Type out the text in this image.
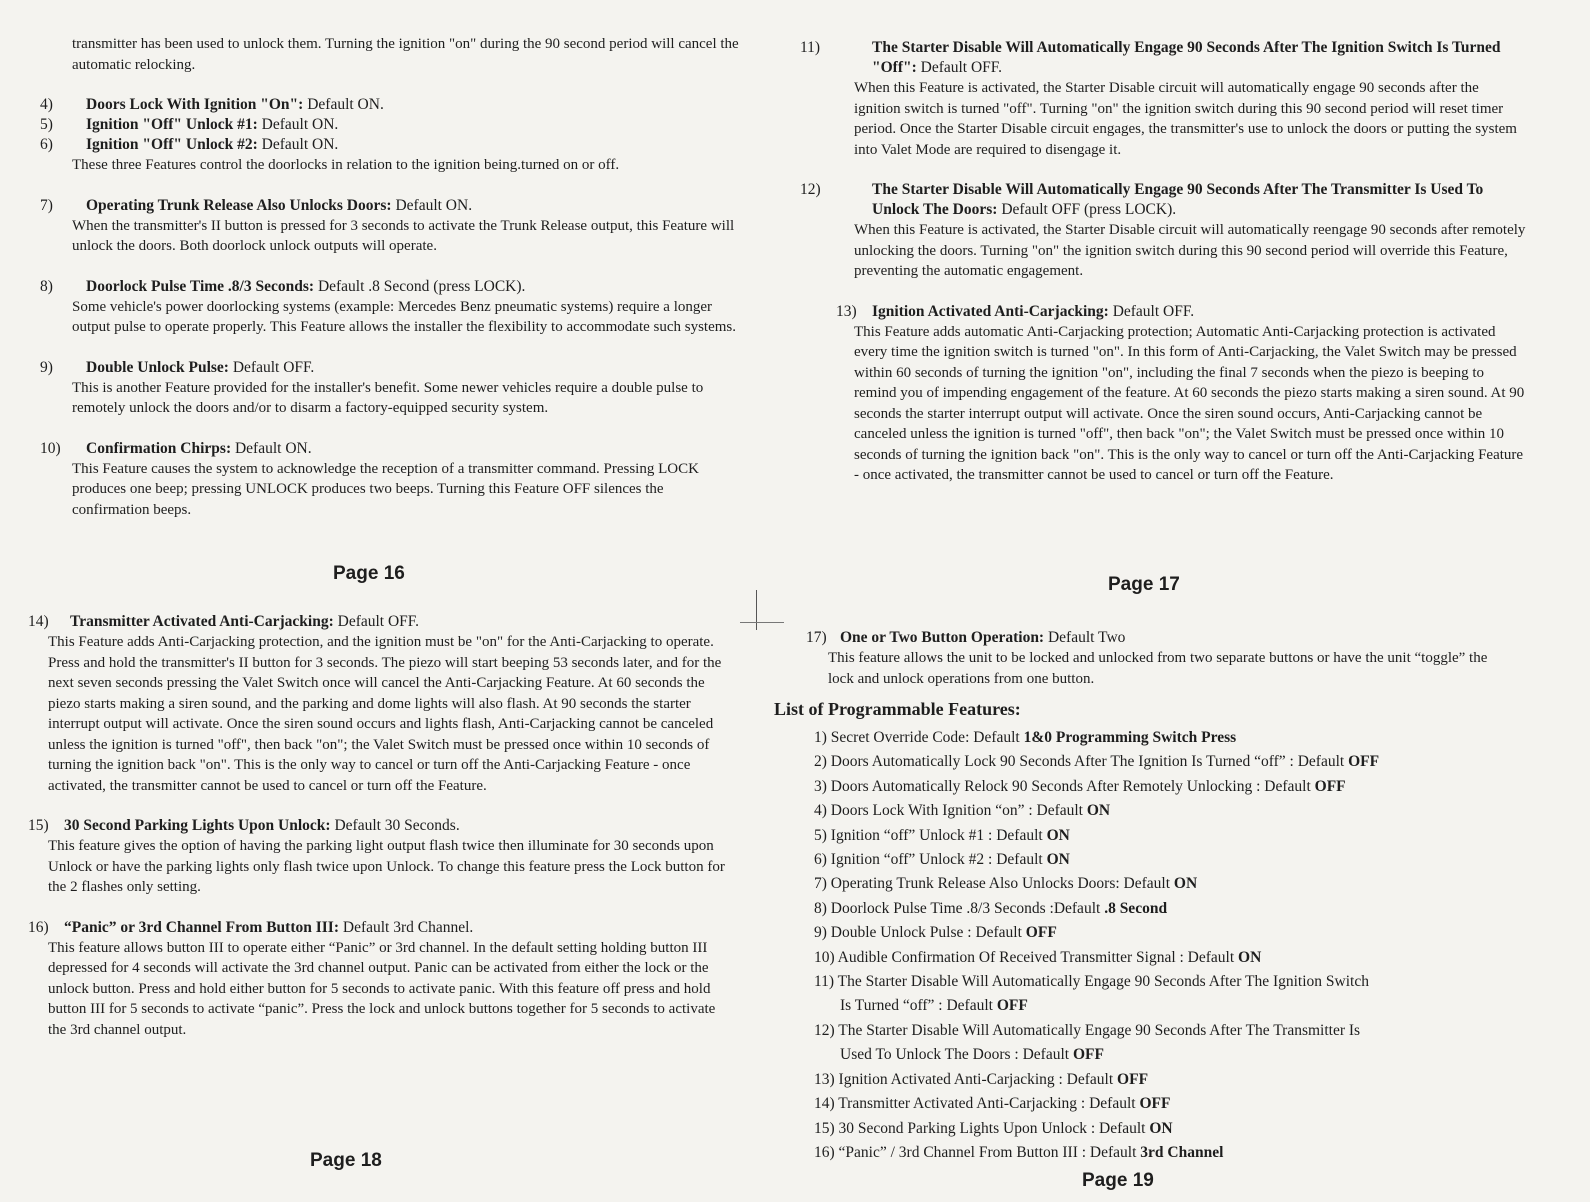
transmitter has been used to unlock them. Turning the ignition "on" during the 90 second period will cancel the automatic relocking.

4) Doors Lock With Ignition "On": Default ON.
5) Ignition "Off" Unlock #1: Default ON.
6) Ignition "Off" Unlock #2: Default ON.

These three Features control the doorlocks in relation to the ignition being.turned on or off.

7) Operating Trunk Release Also Unlocks Doors: Default ON.

When the transmitter's II button is pressed for 3 seconds to activate the Trunk Release output, this Feature will unlock the doors. Both doorlock unlock outputs will operate.

8) Doorlock Pulse Time .8/3 Seconds: Default .8 Second (press LOCK).

Some vehicle's power doorlocking systems (example: Mercedes Benz pneumatic systems) require a longer output pulse to operate properly. This Feature allows the installer the flexibility to accommodate such systems.

9) Double Unlock Pulse: Default OFF.

This is another Feature provided for the installer's benefit. Some newer vehicles require a double pulse to remotely unlock the doors and/or to disarm a factory-equipped security system.

10) Confirmation Chirps: Default ON.

This Feature causes the system to acknowledge the reception of a transmitter command. Pressing LOCK produces one beep; pressing UNLOCK produces two beeps. Turning this Feature OFF silences the confirmation beeps.

Page 16
11)	The Starter Disable Will Automatically Engage 90 Seconds After The Ignition Switch Is Turned "Off": Default OFF.

When this Feature is activated, the Starter Disable circuit will automatically engage 90 seconds after the ignition switch is turned "off". Turning "on" the ignition switch during this 90 second period will reset timer period. Once the Starter Disable circuit engages, the transmitter's use to unlock the doors or putting the system into Valet Mode are required to disengage it.

12)	The Starter Disable Will Automatically Engage 90 Seconds After The Transmitter Is Used To Unlock The Doors: Default OFF (press LOCK).

When this Feature is activated, the Starter Disable circuit will automatically reengage 90 seconds after remotely unlocking the doors. Turning "on" the ignition switch during this 90 second period will override this Feature, preventing the automatic engagement.

13) Ignition Activated Anti-Carjacking: Default OFF.

This Feature adds automatic Anti-Carjacking protection; Automatic Anti-Carjacking protection is activated every time the ignition switch is turned "on". In this form of Anti-Carjacking, the Valet Switch may be pressed within 60 seconds of turning the ignition "on", including the final 7 seconds when the piezo is beeping to remind you of impending engagement of the feature. At 60 seconds the piezo starts making a siren sound. At 90 seconds the starter interrupt output will activate. Once the siren sound occurs, Anti-Carjacking cannot be canceled unless the ignition is turned "off", then back "on"; the Valet Switch must be pressed once within 10 seconds of turning the ignition back "on". This is the only way to cancel or turn off the Anti-Carjacking Feature - once activated, the transmitter cannot be used to cancel or turn off the Feature.

Page 17
14) Transmitter Activated Anti-Carjacking: Default OFF.

This Feature adds Anti-Carjacking protection, and the ignition must be "on" for the Anti-Carjacking to operate. Press and hold the transmitter's II button for 3 seconds. The piezo will start beeping 53 seconds later, and for the next seven seconds pressing the Valet Switch once will cancel the Anti-Carjacking Feature. At 60 seconds the piezo starts making a siren sound, and the parking and dome lights will also flash. At 90 seconds the starter interrupt output will activate. Once the siren sound occurs and lights flash, Anti-Carjacking cannot be canceled unless the ignition is turned "off", then back "on"; the Valet Switch must be pressed once within 10 seconds of turning the ignition back "on". This is the only way to cancel or turn off the Anti-Carjacking Feature - once activated, the transmitter cannot be used to cancel or turn off the Feature.

15) 30 Second Parking Lights Upon Unlock: Default 30 Seconds.

This feature gives the option of having the parking light output flash twice then illuminate for 30 seconds upon Unlock or have the parking lights only flash twice upon Unlock. To change this feature press the Lock button for the 2 flashes only setting.

16) “Panic” or 3rd Channel From Button III: Default 3rd Channel.

This feature allows button III to operate either “Panic” or 3rd channel. In the default setting holding button III depressed for 4 seconds will activate the 3rd channel output. Panic can be activated from either the lock or the unlock button. Press and hold either button for 5 seconds to activate panic. With this feature off press and hold button III for 5 seconds to activate “panic”. Press the lock and unlock buttons together for 5 seconds to activate the 3rd channel output.

Page 18
17) One or Two Button Operation: Default Two

This feature allows the unit to be locked and unlocked from two separate buttons or have the unit “toggle” the lock and unlock operations from one button.

List of Programmable Features:
1) Secret Override Code: Default 1&0 Programming Switch Press
2) Doors Automatically Lock 90 Seconds After The Ignition Is Turned “off” : Default OFF
3) Doors Automatically Relock 90 Seconds After Remotely Unlocking : Default OFF
4) Doors Lock With Ignition “on” : Default ON
5) Ignition “off” Unlock #1 : Default ON
6) Ignition “off” Unlock #2 : Default ON
7) Operating Trunk Release Also Unlocks Doors: Default ON
8) Doorlock Pulse Time .8/3 Seconds :Default .8 Second
9) Double Unlock Pulse : Default OFF
10) Audible Confirmation Of Received Transmitter Signal : Default ON
11) The Starter Disable Will Automatically Engage 90 Seconds After The Ignition Switch
Is Turned “off” : Default OFF
12) The Starter Disable Will Automatically Engage 90 Seconds After The Transmitter Is
Used To Unlock The Doors : Default OFF
13) Ignition Activated Anti-Carjacking : Default OFF
14) Transmitter Activated Anti-Carjacking : Default OFF
15) 30 Second Parking Lights Upon Unlock : Default ON
16) “Panic” / 3rd Channel From Button III : Default 3rd Channel
Page 19
